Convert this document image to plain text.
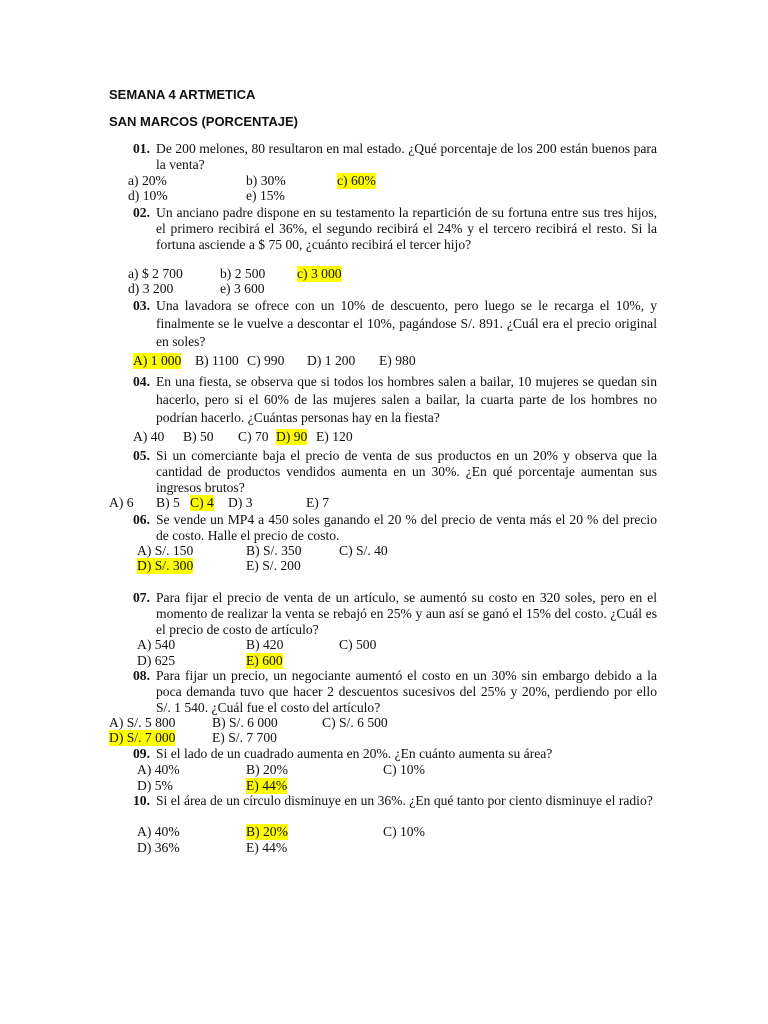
SEMANA 4 ARTMETICA
SAN MARCOS (PORCENTAJE)
01. De 200 melones, 80 resultaron en mal estado. ¿Qué porcentaje de los 200 están buenos para la venta?
a) 20%	b) 30%	c) 60%
d) 10%	e) 15%
02. Un anciano padre dispone en su testamento la repartición de su fortuna entre sus tres hijos, el primero recibirá el 36%, el segundo recibirá el 24% y el tercero recibirá el resto. Si la fortuna asciende a $ 75 00, ¿cuánto recibirá el tercer hijo?
a) $ 2 700	b) 2 500 c) 3 000
d) 3 200	e) 3 600
03. Una lavadora se ofrece con un 10% de descuento, pero luego se le recarga el 10%, y finalmente se le vuelve a descontar el 10%, pagándose S/. 891. ¿Cuál era el precio original en soles?
A) 1 000 B) 1100 C) 990 D) 1 200 E) 980
04. En una fiesta, se observa que si todos los hombres salen a bailar, 10 mujeres se quedan sin hacerlo, pero si el 60% de las mujeres salen a bailar, la cuarta parte de los hombres no podrían hacerlo. ¿Cuántas personas hay en la fiesta?
A) 40 B) 50 C) 70 D) 90 E) 120
05. Si un comerciante baja el precio de venta de sus productos en un 20% y observa que la cantidad de productos vendidos aumenta en un 30%. ¿En qué porcentaje aumentan sus ingresos brutos?
A) 6 B) 5 C) 4 D) 3	E) 7
06. Se vende un MP4 a 450 soles ganando el 20 % del precio de venta más el 20 % del precio de costo. Halle el precio de costo.
A) S/. 150	B) S/. 350	C) S/. 40
D) S/. 300	E) S/. 200
07. Para fijar el precio de venta de un artículo, se aumentó su costo en 320 soles, pero en el momento de realizar la venta se rebajó en 25% y aun así se ganó el 15% del costo. ¿Cuál es el precio de costo de artículo?
A) 540	B) 420	C) 500
D) 625	E) 600
08. Para fijar un precio, un negociante aumentó el costo en un 30% sin embargo debido a la poca demanda tuvo que hacer 2 descuentos sucesivos del 25% y 20%, perdiendo por ello S/. 1 540. ¿Cuál fue el costo del artículo?
A) S/. 5 800	B) S/. 6 000	C) S/. 6 500
D) S/. 7 000	E) S/. 7 700
09. Si el lado de un cuadrado aumenta en 20%. ¿En cuánto aumenta su área?
A) 40%	B) 20%	C) 10%
D) 5%	E) 44%
10. Si el área de un círculo disminuye en un 36%. ¿En qué tanto por ciento disminuye el radio?
A) 40%	B) 20%	C) 10%
D) 36%	E) 44%
